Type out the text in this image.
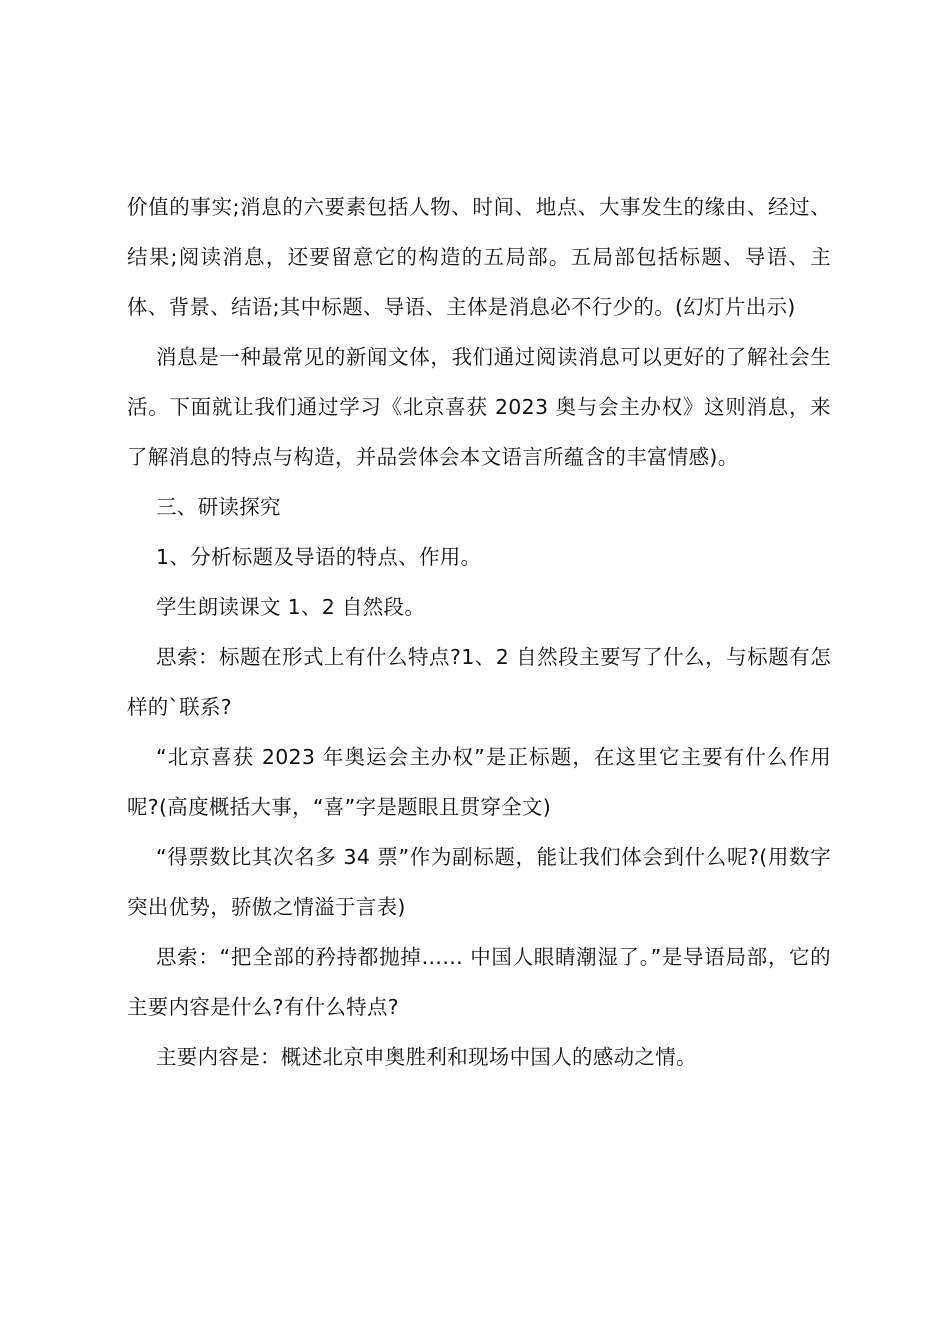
价值的事实;消息的六要素包括人物、时间、地点、大事发生的缘由、经过、结果;阅读消息，还要留意它的构造的五局部。五局部包括标题、导语、主体、背景、结语;其中标题、导语、主体是消息必不行少的。(幻灯片出示)

消息是一种最常见的新闻文体，我们通过阅读消息可以更好的了解社会生活。下面就让我们通过学习《北京喜获 2023 奥与会主办权》这则消息，来了解消息的特点与构造，并品尝体会本文语言所蕴含的丰富情感)。

三、研读探究

1、分析标题及导语的特点、作用。

学生朗读课文 1、2 自然段。

思索：标题在形式上有什么特点?1、2 自然段主要写了什么，与标题有怎样的`联系?

“北京喜获 2023 年奥运会主办权”是正标题，在这里它主要有什么作用呢?(高度概括大事，“喜”字是题眼且贯穿全文)

“得票数比其次名多 34 票”作为副标题，能让我们体会到什么呢?(用数字突出优势，骄傲之情溢于言表)

思索：“把全部的矜持都抛掉…… 中国人眼睛潮湿了。”是导语局部，它的主要内容是什么?有什么特点?

主要内容是：概述北京申奥胜利和现场中国人的感动之情。
